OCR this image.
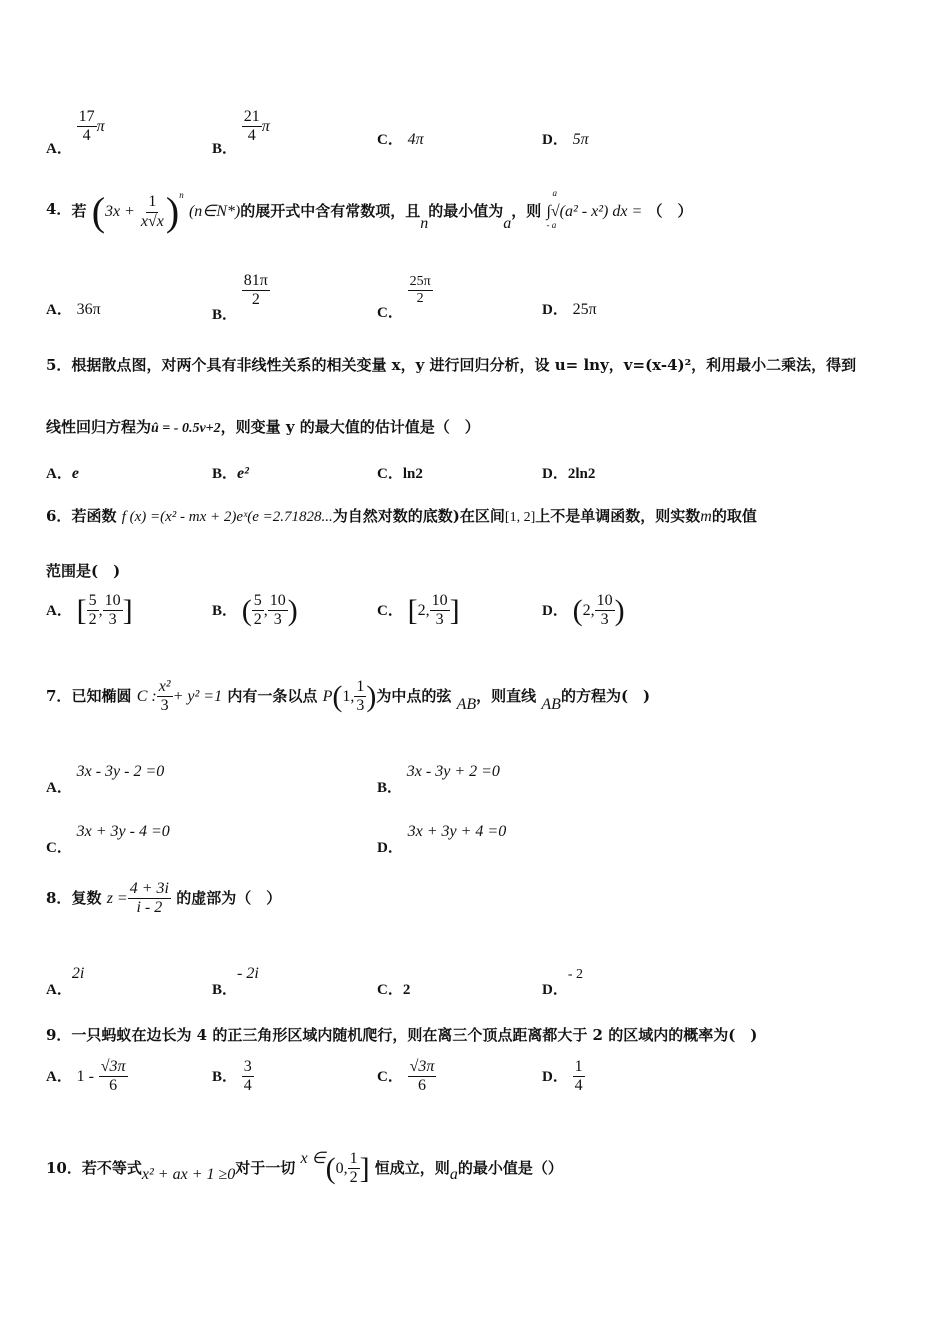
A．
$\frac{17}{4}$ π
B．
$\frac{21}{4}$ π
C． 4π	D． 5π
4．若 $(3x + \frac{1}{x√x} )^n$ (n∈N*)的展开式中含有常数项，且n的最小值为a，则
a
- a
∫√(a² - x²) dx = （　）
A． 36π	B．
$\frac{81\pi}{2}$
C．
$\frac{25\pi}{2}$
D． 25π
5．根据散点图，对两个具有非线性关系的相关变量 x，y 进行回归分析，设 u= lny，v=(x-4)²，利用最小二乘法，得到
线性回归方程为û = - 0.5v+2，则变量 y 的最大值的估计值是（　）
A．e	B．e²	C．ln2	D．2ln2
6．若函数 f (x) =(x² - mx + 2)eˣ(e =2.71828...为自然对数的底数)在区间[1, 2]上不是单调函数，则实数m的取值
范围是(　)
A． [ $\frac{5}{2}$ , $\frac{10}{3}$ ]	B． ( $\frac{5}{2}$ , $\frac{10}{3}$ )	C． [2, $\frac{10}{3}$ ]	D． (2, $\frac{10}{3}$ )
7．已知椭圆 C : $\frac{\text{x²}}{3} + y^2 =1$ 内有一条以点 P(1, $\frac{1}{3}$ )为中点的弦 AB，则直线 AB的方程为(　)
A． 3x - 3y - 2 =0
B． 3x - 3y + 2 =0
C． 3x + 3y - 4 =0
D． 3x + 3y + 4 =0
8．复数 $z = \frac{4 + 3i}{i - 2}$ 的虚部为（　）
A．2i
B．- 2i
C．2	D．- 2
9．一只蚂蚁在边长为 4 的正三角形区域内随机爬行，则在离三个顶点距离都大于 2 的区域内的概率为(　)
A． $1 - \frac{√3\pi}{6}$	B． $\frac{3}{4}$	C． $\frac{√3\pi}{6}$	D． $\frac{1}{4}$
10．若不等式x² + ax + 1 ≥0对于一切 x ∈(0, $\frac{1}{2}$ ] 恒成立，则a的最小值是（）
